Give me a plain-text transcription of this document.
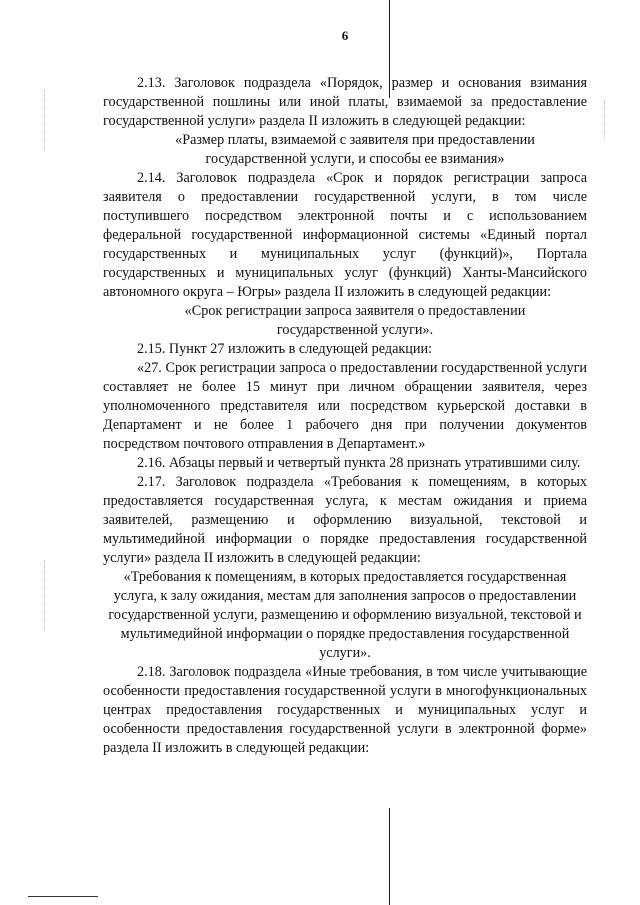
6

2.13. Заголовок подраздела «Порядок, размер и основания взимания государственной пошлины или иной платы, взимаемой за предоставление государственной услуги» раздела II изложить в следующей редакции:

«Размер платы, взимаемой с заявителя при предоставлении государственной услуги, и способы ее взимания»

2.14. Заголовок подраздела «Срок и порядок регистрации запроса заявителя о предоставлении государственной услуги, в том числе поступившего посредством электронной почты и с использованием федеральной государственной информационной системы «Единый портал государственных и муниципальных услуг (функций)», Портала государственных и муниципальных услуг (функций) Ханты-Мансийского автономного округа – Югры» раздела II изложить в следующей редакции:

«Срок регистрации запроса заявителя о предоставлении государственной услуги».

2.15. Пункт 27 изложить в следующей редакции:

«27. Срок регистрации запроса о предоставлении государственной услуги составляет не более 15 минут при личном обращении заявителя, через уполномоченного представителя или посредством курьерской доставки в Департамент и не более 1 рабочего дня при получении документов посредством почтового отправления в Департамент.»

2.16. Абзацы первый и четвертый пункта 28 признать утратившими силу.

2.17. Заголовок подраздела «Требования к помещениям, в которых предоставляется государственная услуга, к местам ожидания и приема заявителей, размещению и оформлению визуальной, текстовой и мультимедийной информации о порядке предоставления государственной услуги» раздела II изложить в следующей редакции:

«Требования к помещениям, в которых предоставляется государственная услуга, к залу ожидания, местам для заполнения запросов о предоставлении государственной услуги, размещению и оформлению визуальной, текстовой и мультимедийной информации о порядке предоставления государственной услуги».

2.18. Заголовок подраздела «Иные требования, в том числе учитывающие особенности предоставления государственной услуги в многофункциональных центрах предоставления государственных и муниципальных услуг и особенности предоставления государственной услуги в электронной форме» раздела II изложить в следующей редакции:
